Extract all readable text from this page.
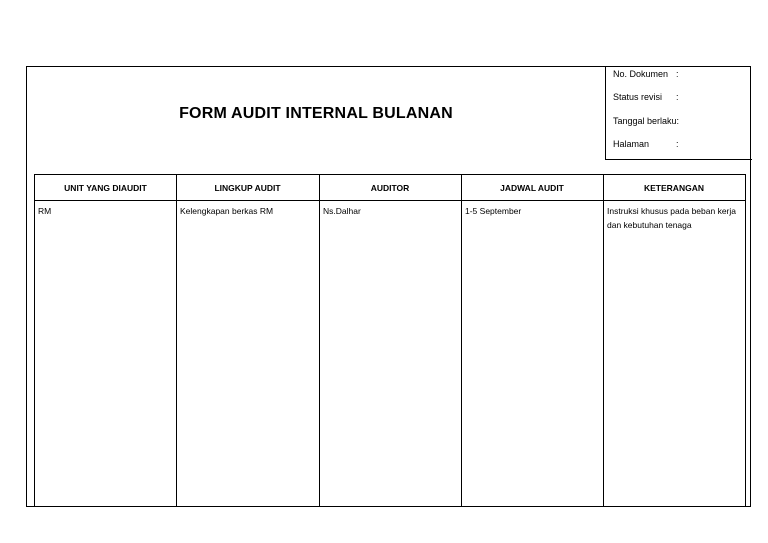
FORM AUDIT INTERNAL BULANAN
No. Dokumen :
Status revisi	:
Tanggal berlaku :
Halaman	:
UNIT YANG DIAUDIT	LINGKUP AUDIT	AUDITOR	JADWAL AUDIT	KETERANGAN
RM	Kelengkapan berkas RM	Ns.Dalhar	1-5 September	Instruksi khusus pada beban kerja dan kebutuhan tenaga
